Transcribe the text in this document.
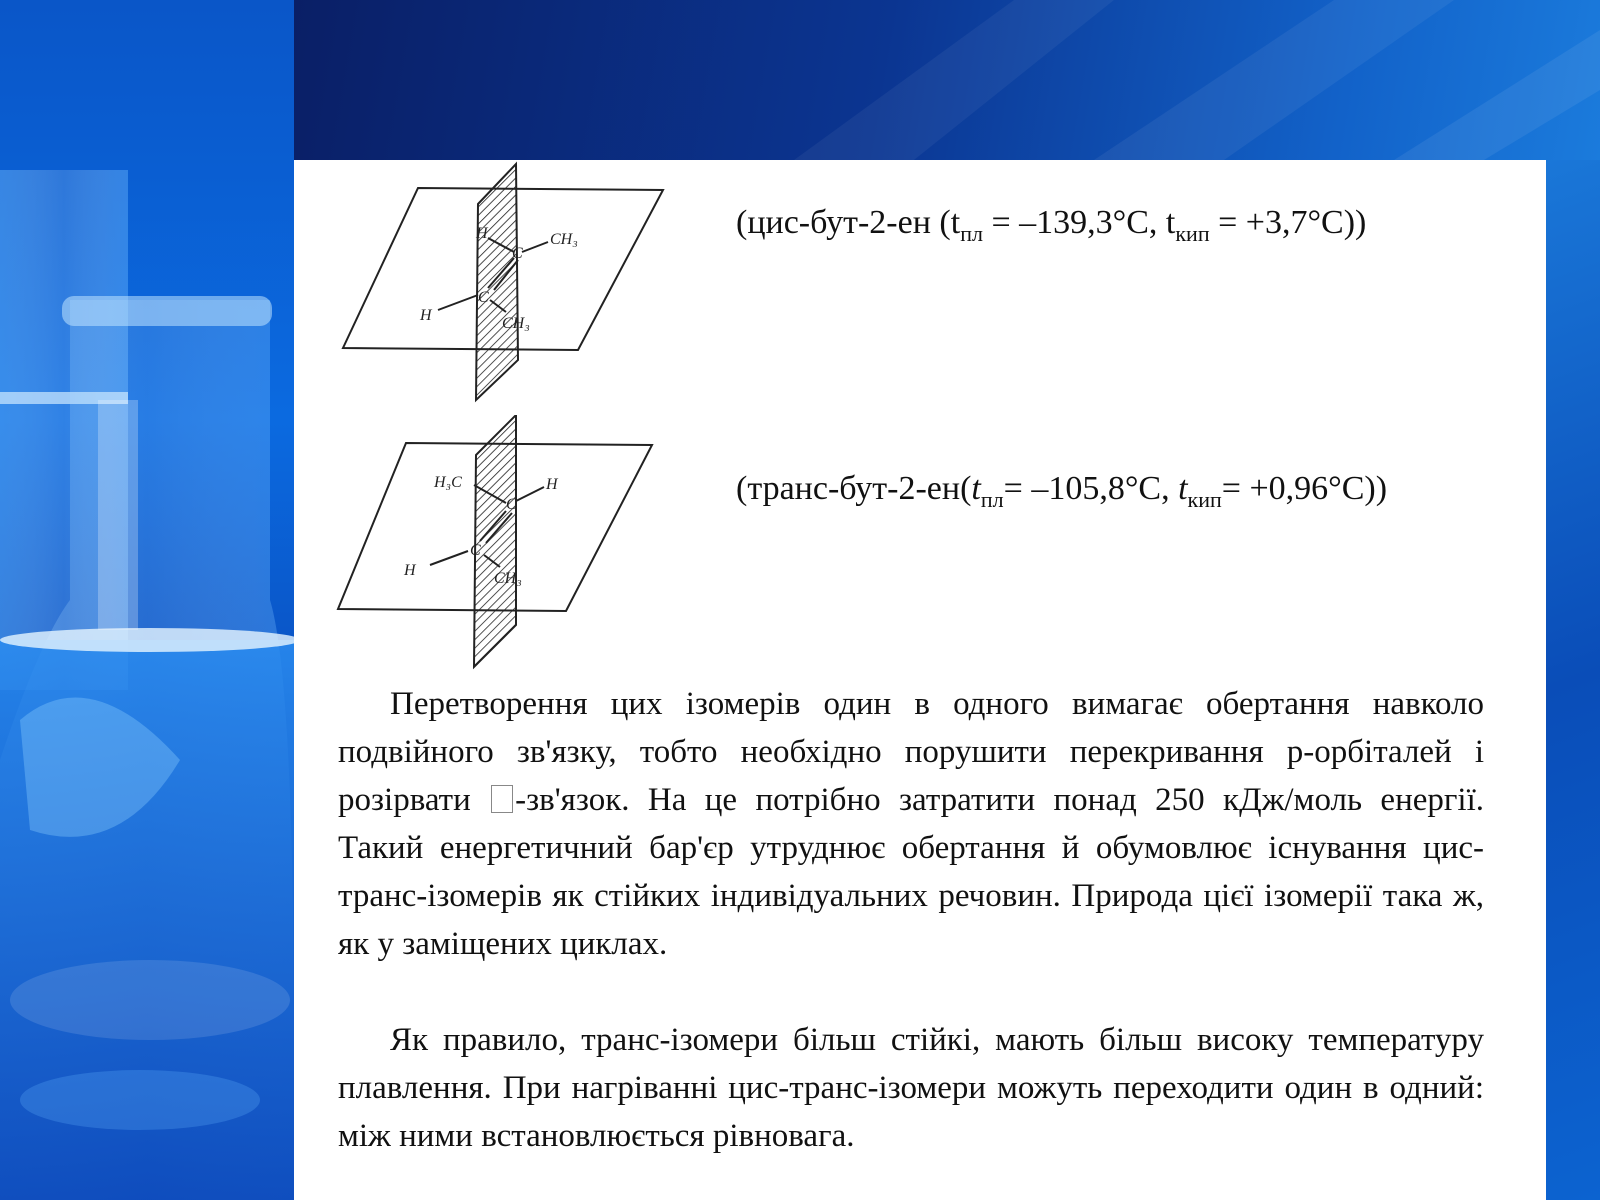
H
C
CH₃
H
C
CH₃
H₃C
C
H
H
C
CH₃
(цис-бут-2-ен ($t_{пл} = -139,3^\circ C$, $t_{кип} = +3,7^\circ C$))
($транс-бут-2-ен(t_{пл}= -105,8^\circ C$, $t_{кип}= +0,96^\circ C$))

Перетворення цих ізомерів один в одного вимагає обертання навколо подвійного зв'язку, тобто необхідно порушити перекривання p-орбіталей і розірвати -зв'язок. На це потрібно затратити понад 250 кДж/моль енергії. Такий енергетичний бар'єр утруднює обертання й обумовлює існування цис-транс-ізомерів як стійких індивідуальних речовин. Природа цієї ізомерії така ж, як у заміщених циклах.

Як правило, транс-ізомери більш стійкі, мають більш високу температуру плавлення. При нагріванні цис-транс-ізомери можуть переходити один в одний: між ними встановлюється рівновага.
